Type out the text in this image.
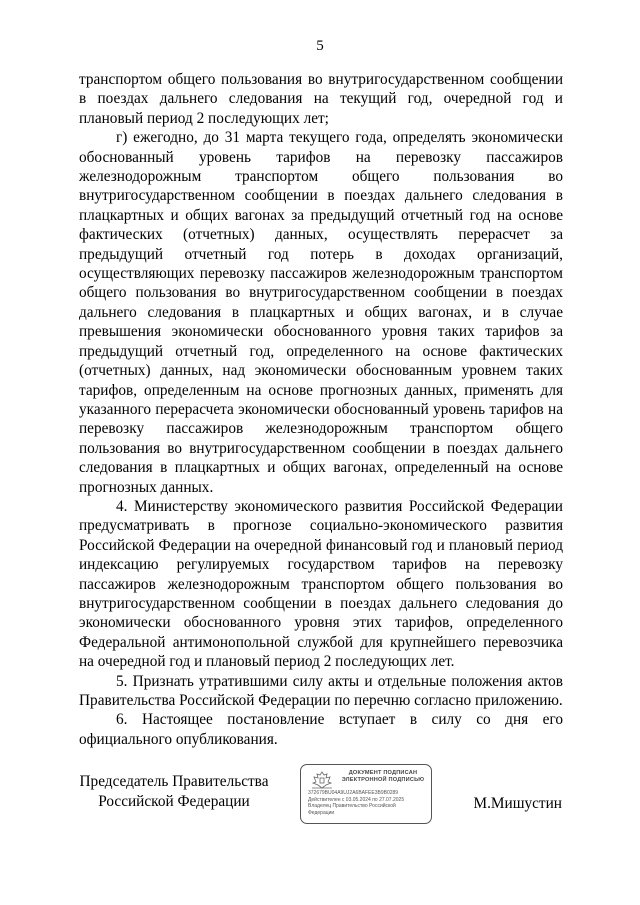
5

транспортом общего пользования во внутригосударственном сообщении в поездах дальнего следования на текущий год, очередной год и плановый период 2 последующих лет;

г) ежегодно, до 31 марта текущего года, определять экономически обоснованный уровень тарифов на перевозку пассажиров железнодорожным транспортом общего пользования во внутригосударственном сообщении в поездах дальнего следования в плацкартных и общих вагонах за предыдущий отчетный год на основе фактических (отчетных) данных, осуществлять перерасчет за предыдущий отчетный год потерь в доходах организаций, осуществляющих перевозку пассажиров железнодорожным транспортом общего пользования во внутригосударственном сообщении в поездах дальнего следования в плацкартных и общих вагонах, и в случае превышения экономически обоснованного уровня таких тарифов за предыдущий отчетный год, определенного на основе фактических (отчетных) данных, над экономически обоснованным уровнем таких тарифов, определенным на основе прогнозных данных, применять для указанного перерасчета экономически обоснованный уровень тарифов на перевозку пассажиров железнодорожным транспортом общего пользования во внутригосударственном сообщении в поездах дальнего следования в плацкартных и общих вагонах, определенный на основе прогнозных данных.

4. Министерству экономического развития Российской Федерации предусматривать в прогнозе социально-экономического развития Российской Федерации на очередной финансовый год и плановый период индексацию регулируемых государством тарифов на перевозку пассажиров железнодорожным транспортом общего пользования во внутригосударственном сообщении в поездах дальнего следования до экономически обоснованного уровня этих тарифов, определенного Федеральной антимонопольной службой для крупнейшего перевозчика на очередной год и плановый период 2 последующих лет.

5. Признать утратившими силу акты и отдельные положения актов Правительства Российской Федерации по перечню согласно приложению.

6. Настоящее постановление вступает в силу со дня его официального опубликования.

Председатель Правительства
Российской Федерации
ДОКУМЕНТ ПОДПИСАН
ЭЛЕКТРОННОЙ ПОДПИСЬЮ
372679BU04A9UJ2A6BAFEE3B9B0289
Действителен с 03.05.2024 по 27.07.2025
Владелец Правительство Российской
Федерации
М.Мишустин
